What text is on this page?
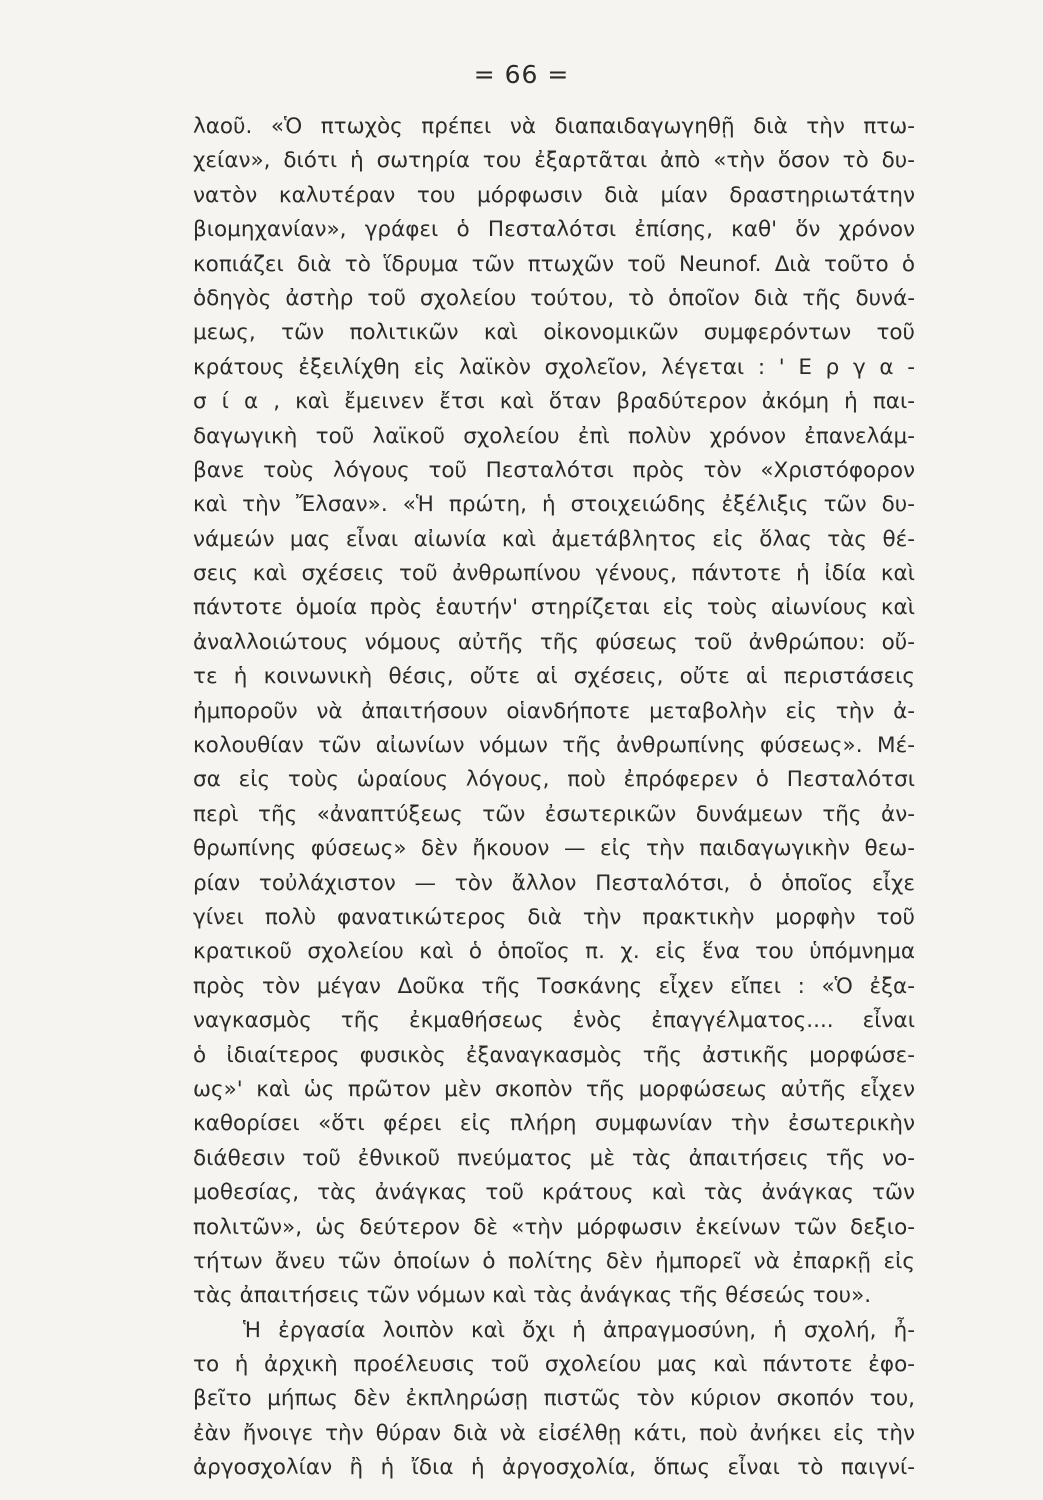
= 66 =
λαοῦ. «Ὁ πτωχὸς πρέπει νὰ διαπαιδαγωγηθῇ διὰ τὴν πτω-
χείαν», διότι ἡ σωτηρία του ἐξαρτᾶται ἀπὸ «τὴν ὅσον τὸ δυ-
νατὸν καλυτέραν του μόρφωσιν διὰ μίαν δραστηριωτάτην
βιομηχανίαν», γράφει ὁ Πεσταλότσι ἐπίσης, καθ' ὅν χρόνον
κοπιάζει διὰ τὸ ἵδρυμα τῶν πτωχῶν τοῦ Neunof. Διὰ τοῦτο ὁ
ὁδηγὸς ἀστὴρ τοῦ σχολείου τούτου, τὸ ὁποῖον διὰ τῆς δυνά-
μεως, τῶν πολιτικῶν καὶ οἰκονομικῶν συμφερόντων τοῦ
κράτους ἐξειλίχθη εἰς λαϊκὸν σχολεῖον, λέγεται : ' Ε ρ γ α -
σ ί α , καὶ ἔμεινεν ἔτσι καὶ ὅταν βραδύτερον ἀκόμη ἡ παι-
δαγωγικὴ τοῦ λαϊκοῦ σχολείου ἐπὶ πολὺν χρόνον ἐπανελάμ-
βανε τοὺς λόγους τοῦ Πεσταλότσι πρὸς τὸν «Χριστόφορον
καὶ τὴν Ἔλσαν». «Ἡ πρώτη, ἡ στοιχειώδης ἐξέλιξις τῶν δυ-
νάμεών μας εἶναι αἰωνία καὶ ἀμετάβλητος εἰς ὅλας τὰς θέ-
σεις καὶ σχέσεις τοῦ ἀνθρωπίνου γένους, πάντοτε ἡ ἰδία καὶ
πάντοτε ὁμοία πρὸς ἑαυτήν' στηρίζεται εἰς τοὺς αἰωνίους καὶ
ἀναλλοιώτους νόμους αὐτῆς τῆς φύσεως τοῦ ἀνθρώπου: οὔ-
τε ἡ κοινωνικὴ θέσις, οὔτε αἱ σχέσεις, οὔτε αἱ περιστάσεις
ἠμποροῦν νὰ ἀπαιτήσουν οἱανδήποτε μεταβολὴν εἰς τὴν ἀ-
κολουθίαν τῶν αἰωνίων νόμων τῆς ἀνθρωπίνης φύσεως». Μέ-
σα εἰς τοὺς ὡραίους λόγους, ποὺ ἐπρόφερεν ὁ Πεσταλότσι
περὶ τῆς «ἀναπτύξεως τῶν ἐσωτερικῶν δυνάμεων τῆς ἀν-
θρωπίνης φύσεως» δὲν ἤκουον — εἰς τὴν παιδαγωγικὴν θεω-
ρίαν τοὐλάχιστον — τὸν ἄλλον Πεσταλότσι, ὁ ὁποῖος εἶχε
γίνει πολὺ φανατικώτερος διὰ τὴν πρακτικὴν μορφὴν τοῦ
κρατικοῦ σχολείου καὶ ὁ ὁποῖος π. χ. εἰς ἕνα του ὑπόμνημα
πρὸς τὸν μέγαν Δοῦκα τῆς Τοσκάνης εἶχεν εἴπει : «Ὁ ἐξα-
ναγκασμὸς τῆς ἐκμαθήσεως ἑνὸς ἐπαγγέλματος.... εἶναι
ὁ ἰδιαίτερος φυσικὸς ἐξαναγκασμὸς τῆς ἀστικῆς μορφώσε-
ως»' καὶ ὡς πρῶτον μὲν σκοπὸν τῆς μορφώσεως αὐτῆς εἶχεν
καθορίσει «ὅτι φέρει εἰς πλήρη συμφωνίαν τὴν ἐσωτερικὴν
διάθεσιν τοῦ ἐθνικοῦ πνεύματος μὲ τὰς ἀπαιτήσεις τῆς νο-
μοθεσίας, τὰς ἀνάγκας τοῦ κράτους καὶ τὰς ἀνάγκας τῶν
πολιτῶν», ὡς δεύτερον δὲ «τὴν μόρφωσιν ἐκείνων τῶν δεξιο-
τήτων ἄνευ τῶν ὁποίων ὁ πολίτης δὲν ἠμπορεῖ νὰ ἐπαρκῇ εἰς
τὰς ἀπαιτήσεις τῶν νόμων καὶ τὰς ἀνάγκας τῆς θέσεώς του».
Ἡ ἐργασία λοιπὸν καὶ ὄχι ἡ ἀπραγμοσύνη, ἡ σχολή, ἦ-
το ἡ ἀρχικὴ προέλευσις τοῦ σχολείου μας καὶ πάντοτε ἐφο-
βεῖτο μήπως δὲν ἐκπληρώσῃ πιστῶς τὸν κύριον σκοπόν του,
ἐὰν ἤνοιγε τὴν θύραν διὰ νὰ εἰσέλθῃ κάτι, ποὺ ἀνήκει εἰς τὴν
ἀργοσχολίαν ἢ ἡ ἴδια ἡ ἀργοσχολία, ὅπως εἶναι τὸ παιγνί-
